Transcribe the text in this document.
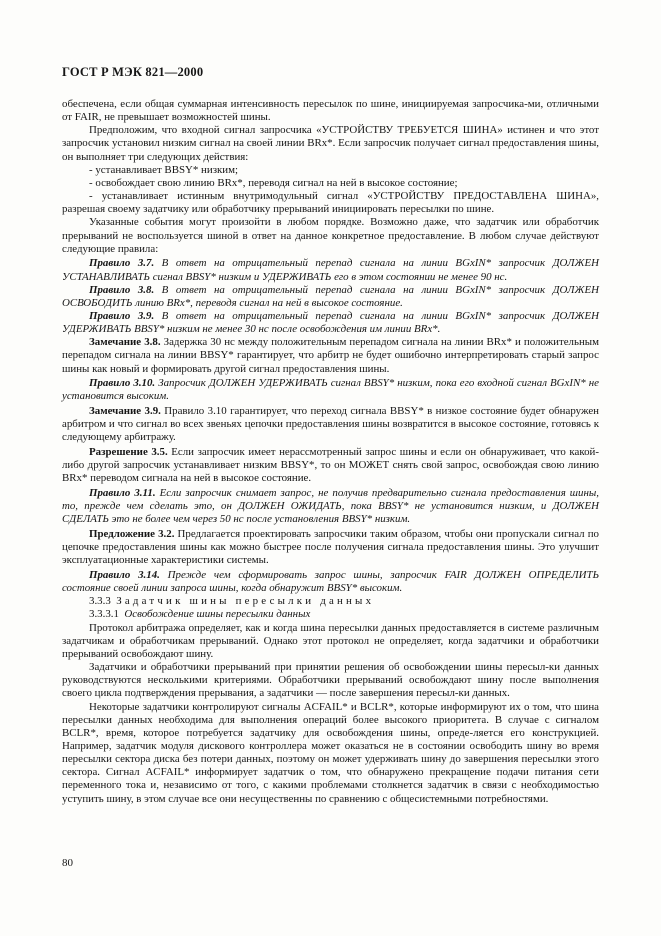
ГОСТ Р МЭК 821—2000

обеспечена, если общая суммарная интенсивность пересылок по шине, инициируемая запросчика-ми, отличными от FAIR, не превышает возможностей шины.

Предположим, что входной сигнал запросчика «УСТРОЙСТВУ ТРЕБУЕТСЯ ШИНА» истинен и что этот запросчик установил низким сигнал на своей линии BRx*. Если запросчик получает сигнал предоставления шины, он выполняет три следующих действия:

- устанавливает BBSY* низким;

- освобождает свою линию BRx*, переводя сигнал на ней в высокое состояние;

- устанавливает истинным внутримодульный сигнал «УСТРОЙСТВУ ПРЕДОСТАВЛЕНА ШИНА», разрешая своему задатчику или обработчику прерываний инициировать пересылки по шине.

Указанные события могут произойти в любом порядке. Возможно даже, что задатчик или обработчик прерываний не воспользуется шиной в ответ на данное конкретное предоставление. В любом случае действуют следующие правила:

Правило 3.7. В ответ на отрицательный перепад сигнала на линии BGxIN* запросчик ДОЛЖЕН УСТАНАВЛИВАТЬ сигнал BBSY* низким и УДЕРЖИВАТЬ его в этом состоянии не менее 90 нс.

Правило 3.8. В ответ на отрицательный перепад сигнала на линии BGxIN* запросчик ДОЛЖЕН ОСВОБОДИТЬ линию BRx*, переводя сигнал на ней в высокое состояние.

Правило 3.9. В ответ на отрицательный перепад сигнала на линии BGxIN* запросчик ДОЛЖЕН УДЕРЖИВАТЬ BBSY* низким не менее 30 нс после освобождения им линии BRx*.

Замечание 3.8. Задержка 30 нс между положительным перепадом сигнала на линии BRx* и положительным перепадом сигнала на линии BBSY* гарантирует, что арбитр не будет ошибочно интерпретировать старый запрос шины как новый и формировать другой сигнал предоставления шины.

Правило 3.10. Запросчик ДОЛЖЕН УДЕРЖИВАТЬ сигнал BBSY* низким, пока его входной сигнал BGxIN* не установится высоким.

Замечание 3.9. Правило 3.10 гарантирует, что переход сигнала BBSY* в низкое состояние будет обнаружен арбитром и что сигнал во всех звеньях цепочки предоставления шины возвратится в высокое состояние, готовясь к следующему арбитражу.

Разрешение 3.5. Если запросчик имеет нерассмотренный запрос шины и если он обнаруживает, что какой-либо другой запросчик устанавливает низким BBSY*, то он МОЖЕТ снять свой запрос, освобождая свою линию BRx* переводом сигнала на ней в высокое состояние.

Правило 3.11. Если запросчик снимает запрос, не получив предварительно сигнала предоставления шины, то, прежде чем сделать это, он ДОЛЖЕН ОЖИДАТЬ, пока BBSY* не установится низким, и ДОЛЖЕН СДЕЛАТЬ это не более чем через 50 нс после установления BBSY* низким.

Предложение 3.2. Предлагается проектировать запросчики таким образом, чтобы они пропускали сигнал по цепочке предоставления шины как можно быстрее после получения сигнала предоставления шины. Это улучшит эксплуатационные характеристики системы.

Правило 3.14. Прежде чем сформировать запрос шины, запросчик FAIR ДОЛЖЕН ОПРЕДЕЛИТЬ состояние своей линии запроса шины, когда обнаружит BBSY* высоким.

3.3.3 Задатчик шины пересылки данных

3.3.3.1 Освобождение шины пересылки данных

Протокол арбитража определяет, как и когда шина пересылки данных предоставляется в системе различным задатчикам и обработчикам прерываний. Однако этот протокол не определяет, когда задатчики и обработчики прерываний освобождают шину.

Задатчики и обработчики прерываний при принятии решения об освобождении шины пересыл-ки данных руководствуются несколькими критериями. Обработчики прерываний освобождают шину после выполнения своего цикла подтверждения прерывания, а задатчики — после завершения пересыл-ки данных.

Некоторые задатчики контролируют сигналы ACFAIL* и BCLR*, которые информируют их о том, что шина пересылки данных необходима для выполнения операций более высокого приоритета. В случае с сигналом BCLR*, время, которое потребуется задатчику для освобождения шины, опреде-ляется его конструкцией. Например, задатчик модуля дискового контроллера может оказаться не в состоянии освободить шину во время пересылки сектора диска без потери данных, поэтому он может удерживать шину до завершения пересылки этого сектора. Сигнал ACFAIL* информирует задатчик о том, что обнаружено прекращение подачи питания сети переменного тока и, независимо от того, с какими проблемами столкнется задатчик в связи с необходимостью уступить шину, в этом случае все они несущественны по сравнению с общесистемными потребностями.

80
